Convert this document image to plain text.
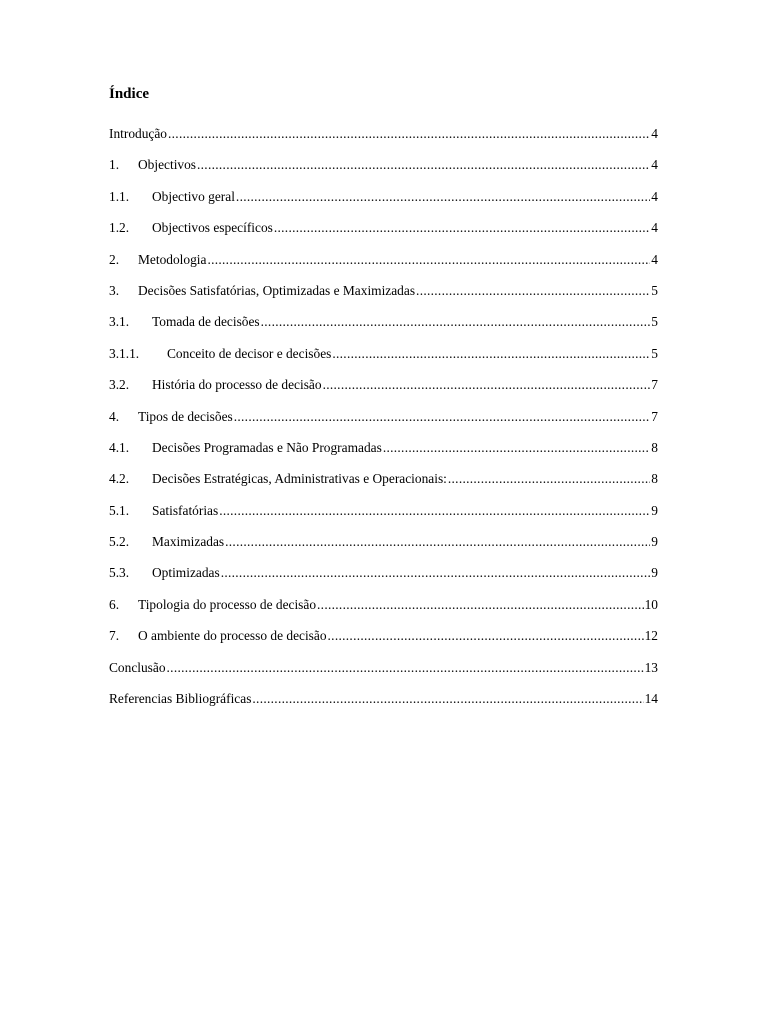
Índice
Introdução .....	4
1.	Objectivos .....	4
1.1.	Objectivo geral .....	4
1.2.	Objectivos específicos .....	4
2.	Metodologia .....	4
3.	Decisões Satisfatórias, Optimizadas e Maximizadas .....	5
3.1.	Tomada de decisões .....	5
3.1.1.	Conceito de decisor e decisões .....	5
3.2.	História do processo de decisão .....	7
4.	Tipos de decisões .....	7
4.1.	Decisões Programadas e Não Programadas .....	8
4.2.	Decisões Estratégicas, Administrativas e Operacionais: .....	8
5.1.	Satisfatórias .....	9
5.2.	Maximizadas .....	9
5.3.	Optimizadas .....	9
6.	Tipologia do processo de decisão .....	10
7.	O ambiente do processo de decisão .....	12
Conclusão .....	13
Referencias Bibliográficas .....	14
